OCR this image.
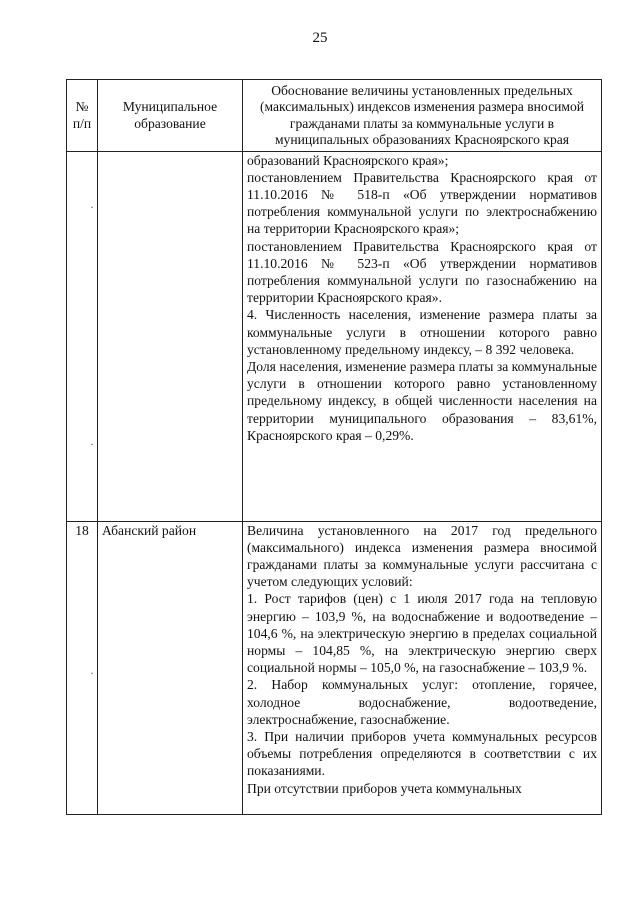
25
№ п/п	Муниципальное образование	Обоснование величины установленных предельных (максимальных) индексов изменения размера вносимой гражданами платы за коммунальные услуги в муниципальных образованиях Красноярского края

		образований Красноярского края»;

постановлением Правительства Красноярского края от 11.10.2016 № 518-п «Об утверждении нормативов потребления коммунальной услуги по электроснабжению на территории Красноярского края»;

постановлением Правительства Красноярского края от 11.10.2016 № 523-п «Об утверждении нормативов потребления коммунальной услуги по газоснабжению на территории Красноярского края».

4. Численность населения, изменение размера платы за коммунальные услуги в отношении которого равно установленному предельному индексу, – 8 392 человека.

Доля населения, изменение размера платы за коммунальные услуги в отношении которого равно установленному предельному индексу, в общей численности населения на территории муниципального образования – 83,61%, Красноярского края – 0,29%.

18	Абанский район	Величина установленного на 2017 год предельного (максимального) индекса изменения размера вносимой гражданами платы за коммунальные услуги рассчитана с учетом следующих условий:

1. Рост тарифов (цен) с 1 июля 2017 года на тепловую энергию – 103,9 %, на водоснабжение и водоотведение – 104,6 %, на электрическую энергию в пределах социальной нормы – 104,85 %, на электрическую энергию сверх социальной нормы – 105,0 %, на газоснабжение – 103,9 %.

2. Набор коммунальных услуг: отопление, горячее, холодное водоснабжение, водоотведение, электроснабжение, газоснабжение.

3. При наличии приборов учета коммунальных ресурсов объемы потребления определяются в соответствии с их показаниями.

При отсутствии приборов учета коммунальных

·
·
·
